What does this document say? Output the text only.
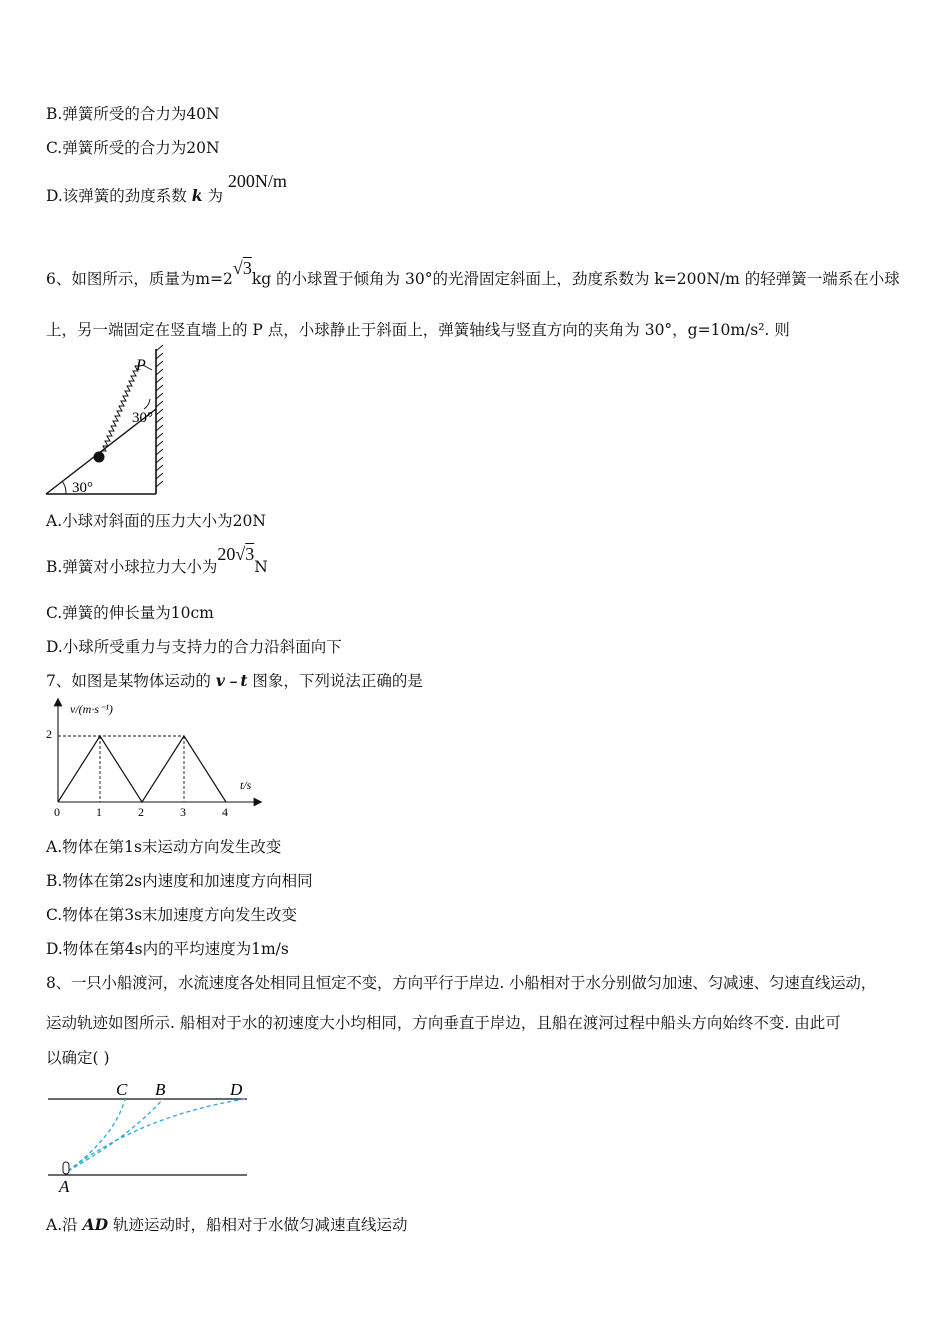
B.弹簧所受的合力为40N
C.弹簧所受的合力为20N
D.该弹簧的劲度系数 k 为 200N/m
6、如图所示，质量为m=2√3kg 的小球置于倾角为 30°的光滑固定斜面上，劲度系数为 k=200N/m 的轻弹簧一端系在小球
上，另一端固定在竖直墙上的 P 点，小球静止于斜面上，弹簧轴线与竖直方向的夹角为 30°，g=10m/s². 则
P
30°
30°
A.小球对斜面的压力大小为20N
B.弹簧对小球拉力大小为20√3N
C.弹簧的伸长量为10cm
D.小球所受重力与支持力的合力沿斜面向下
7、如图是某物体运动的 v﹣t 图象，下列说法正确的是
0	1	2	3	4
2
v/(m·s⁻¹)
t/s
A.物体在第1s末运动方向发生改变
B.物体在第2s内速度和加速度方向相同
C.物体在第3s末加速度方向发生改变
D.物体在第4s内的平均速度为1m/s
8、一只小船渡河，水流速度各处相同且恒定不变，方向平行于岸边. 小船相对于水分别做匀加速、匀减速、匀速直线运动，
运动轨迹如图所示. 船相对于水的初速度大小均相同，方向垂直于岸边，且船在渡河过程中船头方向始终不变. 由此可
以确定( )
C B	D
A
A.沿 AD 轨迹运动时，船相对于水做匀减速直线运动
